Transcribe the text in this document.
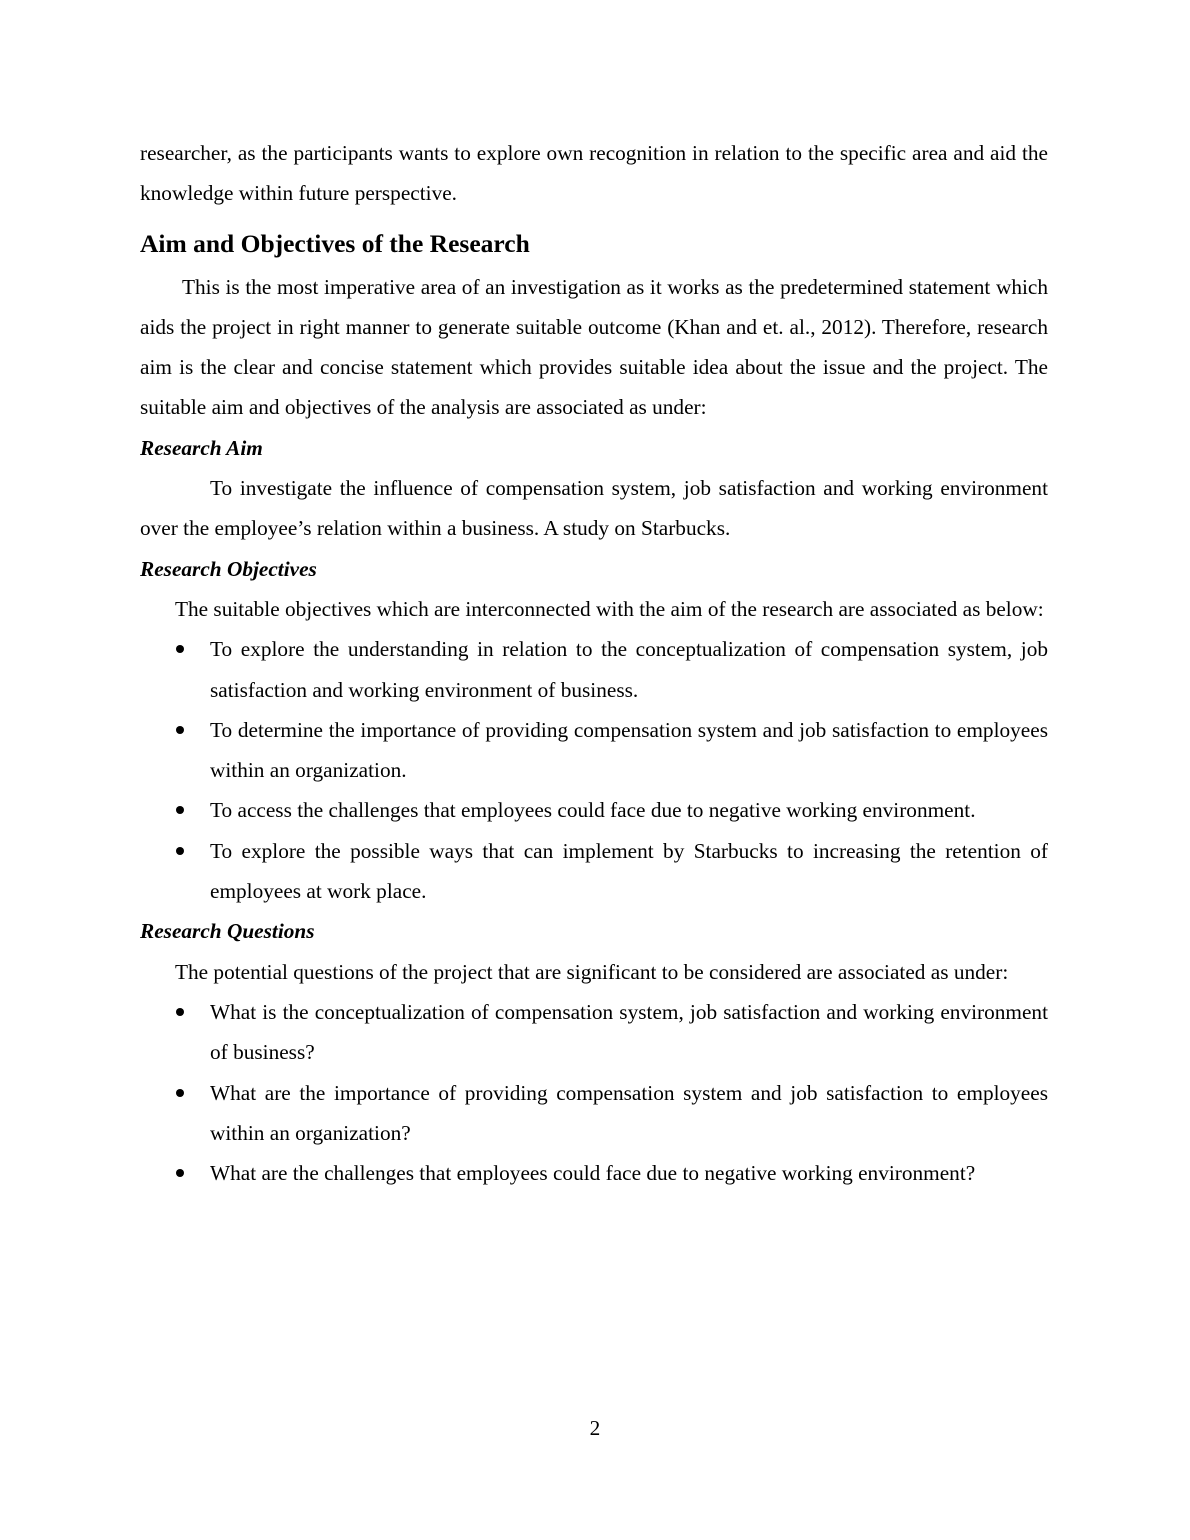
researcher, as the participants wants to explore own recognition in relation to the specific area and aid the knowledge within future perspective.

Aim and Objectives of the Research

This is the most imperative area of an investigation as it works as the predetermined statement which aids the project in right manner to generate suitable outcome (Khan and et. al., 2012). Therefore, research aim is the clear and concise statement which provides suitable idea about the issue and the project. The suitable aim and objectives of the analysis are associated as under:

Research Aim

To investigate the influence of compensation system, job satisfaction and working environment over the employee’s relation within a business. A study on Starbucks.

Research Objectives

The suitable objectives which are interconnected with the aim of the research are associated as below:

To explore the understanding in relation to the conceptualization of compensation system, job satisfaction and working environment of business.
To determine the importance of providing compensation system and job satisfaction to employees within an organization.
To access the challenges that employees could face due to negative working environment.
To explore the possible ways that can implement by Starbucks to increasing the retention of employees at work place.

Research Questions

The potential questions of the project that are significant to be considered are associated as under:

What is the conceptualization of compensation system, job satisfaction and working environment of business?
What are the importance of providing compensation system and job satisfaction to employees within an organization?
What are the challenges that employees could face due to negative working environment?
2
